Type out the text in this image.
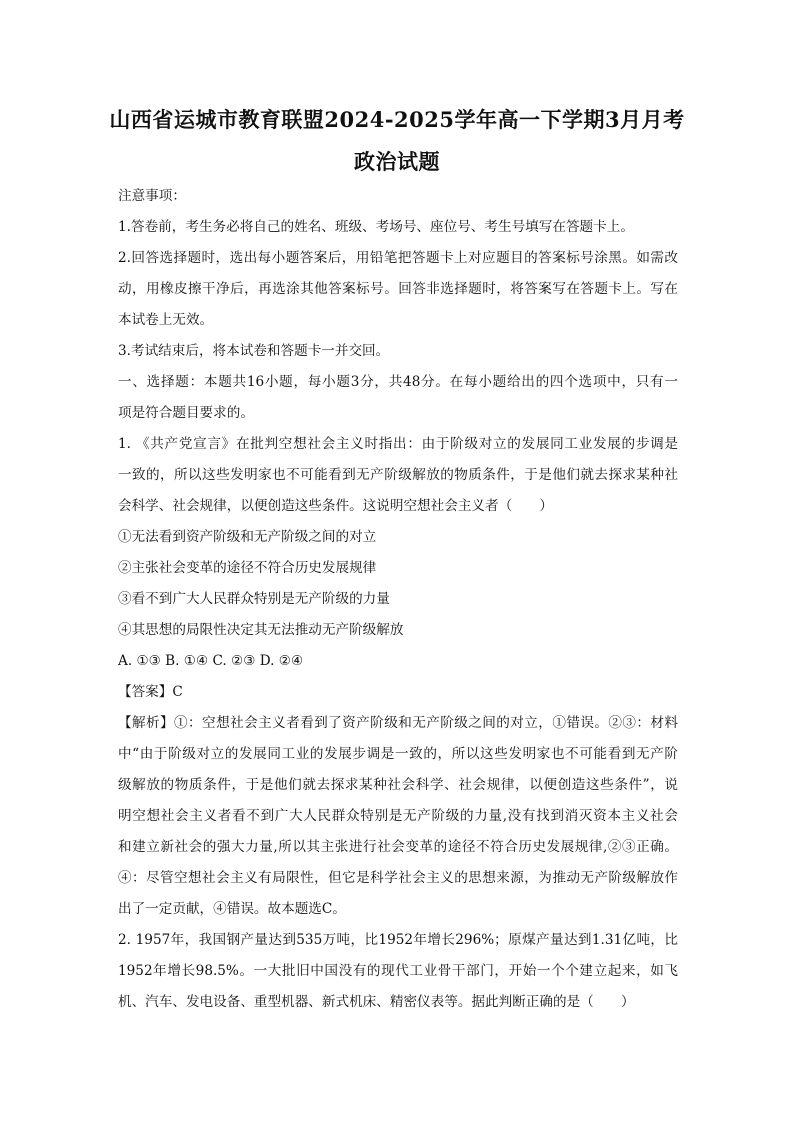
山西省运城市教育联盟2024-2025学年高一下学期3月月考
政治试题
注意事项：
1.答卷前，考生务必将自己的姓名、班级、考场号、座位号、考生号填写在答题卡上。
2.回答选择题时，选出每小题答案后，用铅笔把答题卡上对应题目的答案标号涂黑。如需改
动，用橡皮擦干净后，再选涂其他答案标号。回答非选择题时，将答案写在答题卡上。写在
本试卷上无效。
3.考试结束后，将本试卷和答题卡一并交回。
一、选择题：本题共16小题，每小题3分，共48分。在每小题给出的四个选项中，只有一
项是符合题目要求的。
1. 《共产党宣言》在批判空想社会主义时指出：由于阶级对立的发展同工业发展的步调是
一致的，所以这些发明家也不可能看到无产阶级解放的物质条件，于是他们就去探求某种社
会科学、社会规律，以便创造这些条件。这说明空想社会主义者（　　）
①无法看到资产阶级和无产阶级之间的对立
②主张社会变革的途径不符合历史发展规律
③看不到广大人民群众特别是无产阶级的力量
④其思想的局限性决定其无法推动无产阶级解放
A. ①③ B. ①④ C. ②③ D. ②④
【答案】C
【解析】①：空想社会主义者看到了资产阶级和无产阶级之间的对立，①错误。②③：材料
中“由于阶级对立的发展同工业的发展步调是一致的，所以这些发明家也不可能看到无产阶
级解放的物质条件，于是他们就去探求某种社会科学、社会规律，以便创造这些条件”，说
明空想社会主义者看不到广大人民群众特别是无产阶级的力量,没有找到消灭资本主义社会
和建立新社会的强大力量,所以其主张进行社会变革的途径不符合历史发展规律,②③正确。
④：尽管空想社会主义有局限性，但它是科学社会主义的思想来源，为推动无产阶级解放作
出了一定贡献，④错误。故本题选C。
2. 1957年，我国钢产量达到535万吨，比1952年增长296%；原煤产量达到1.31亿吨，比
1952年增长98.5%。一大批旧中国没有的现代工业骨干部门，开始一个个建立起来，如飞
机、汽车、发电设备、重型机器、新式机床、精密仪表等。据此判断正确的是（　　）
